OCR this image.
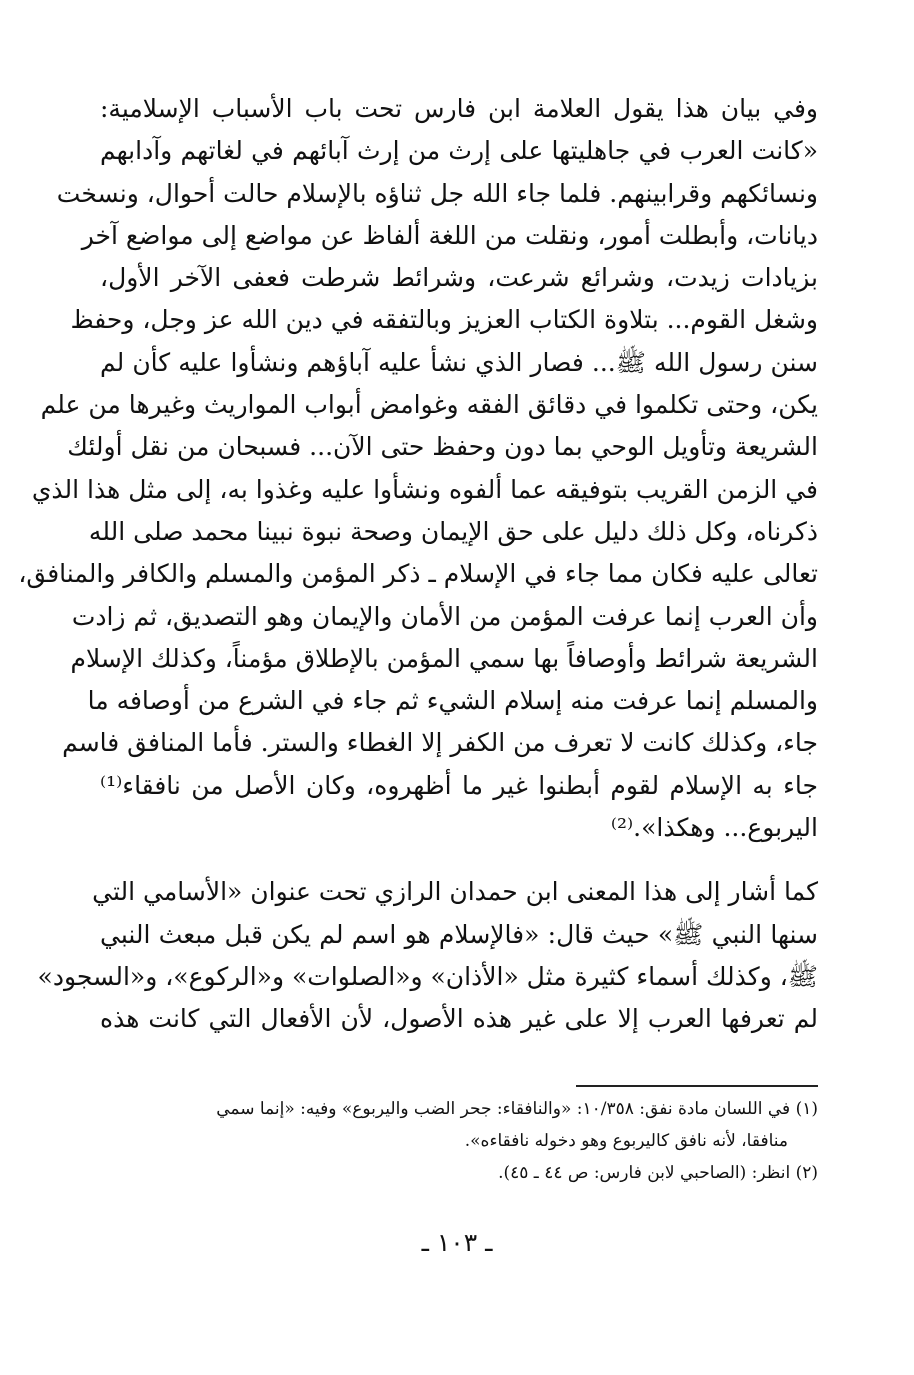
وفي بيان هذا يقول العلامة ابن فارس تحت باب الأسباب الإسلامية:
«كانت العرب في جاهليتها على إرث من إرث آبائهم في لغاتهم وآدابهم
ونسائكهم وقرابينهم. فلما جاء الله جل ثناؤه بالإسلام حالت أحوال، ونسخت
ديانات، وأبطلت أمور، ونقلت من اللغة ألفاظ عن مواضع إلى مواضع آخر
بزيادات زيدت، وشرائع شرعت، وشرائط شرطت فعفى الآخر الأول،
وشغل القوم... بتلاوة الكتاب العزيز وبالتفقه في دين الله عز وجل، وحفظ
سنن رسول الله ﷺ... فصار الذي نشأ عليه آباؤهم ونشأوا عليه كأن لم
يكن، وحتى تكلموا في دقائق الفقه وغوامض أبواب المواريث وغيرها من علم
الشريعة وتأويل الوحي بما دون وحفظ حتى الآن... فسبحان من نقل أولئك
في الزمن القريب بتوفيقه عما ألفوه ونشأوا عليه وغذوا به، إلى مثل هذا الذي
ذكرناه، وكل ذلك دليل على حق الإيمان وصحة نبوة نبينا محمد صلى الله
تعالى عليه فكان مما جاء في الإسلام ـ ذكر المؤمن والمسلم والكافر والمنافق،
وأن العرب إنما عرفت المؤمن من الأمان والإيمان وهو التصديق، ثم زادت
الشريعة شرائط وأوصافاً بها سمي المؤمن بالإطلاق مؤمناً، وكذلك الإسلام
والمسلم إنما عرفت منه إسلام الشيء ثم جاء في الشرع من أوصافه ما
جاء، وكذلك كانت لا تعرف من الكفر إلا الغطاء والستر. فأما المنافق فاسم
جاء به الإسلام لقوم أبطنوا غير ما أظهروه، وكان الأصل من نافقاء⁽¹⁾
اليربوع... وهكذا».⁽²⁾

كما أشار إلى هذا المعنى ابن حمدان الرازي تحت عنوان «الأسامي التي
سنها النبي ﷺ» حيث قال: «فالإسلام هو اسم لم يكن قبل مبعث النبي
ﷺ، وكذلك أسماء كثيرة مثل «الأذان» و«الصلوات» و«الركوع»، و«السجود»
لم تعرفها العرب إلا على غير هذه الأصول، لأن الأفعال التي كانت هذه

(١) في اللسان مادة نفق: ١٠/٣٥٨: «والنافقاء: جحر الضب واليربوع» وفيه: «إنما سمي
منافقا، لأنه نافق كاليربوع وهو دخوله نافقاءه».

(٢) انظر: (الصاحبي لابن فارس: ص ٤٤ ـ ٤٥).

ـ ١٠٣ ـ
